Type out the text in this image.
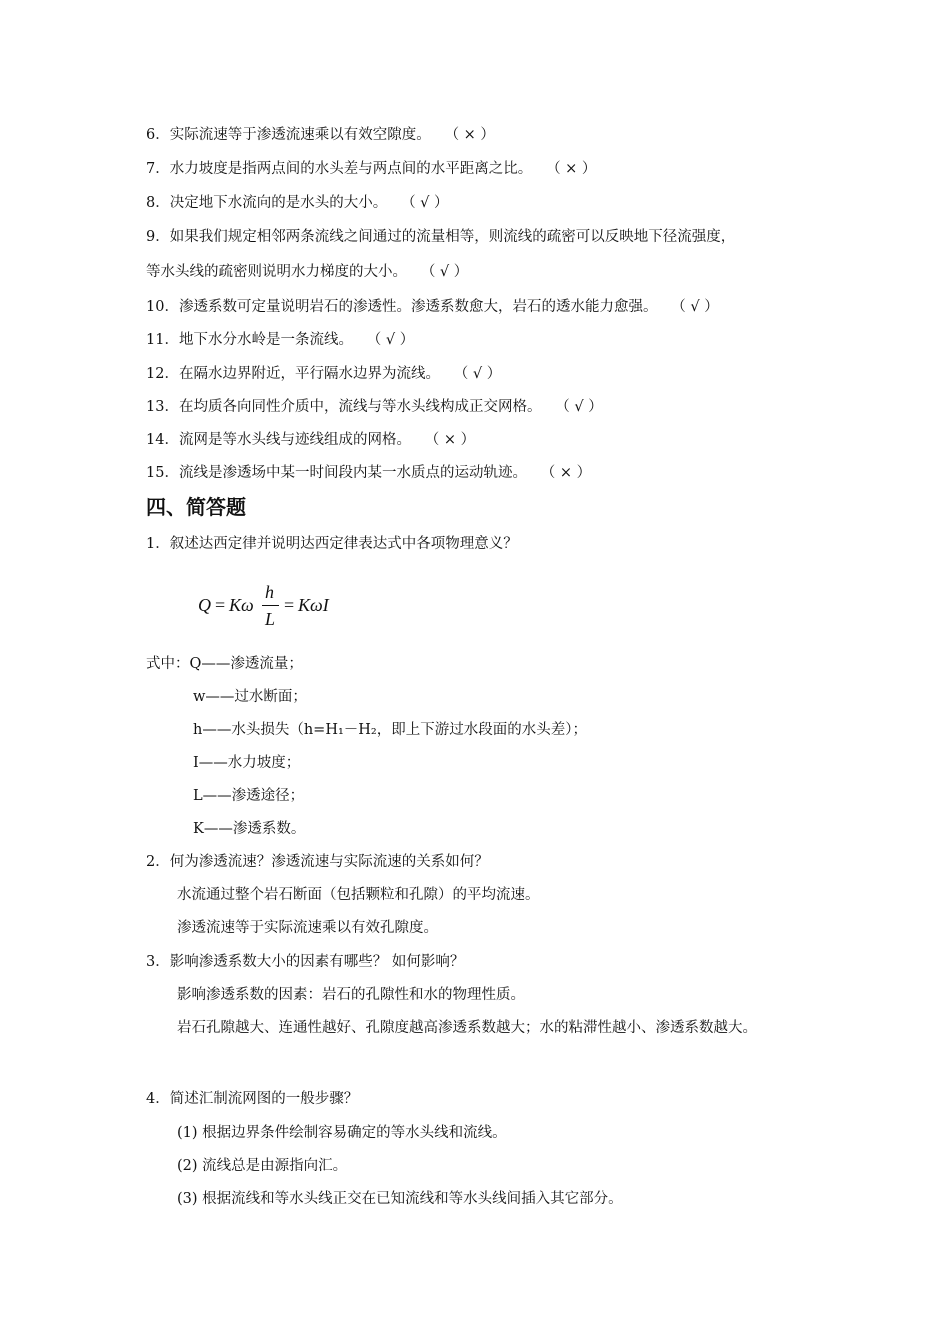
6．实际流速等于渗透流速乘以有效空隙度。 （ × ）
7．水力坡度是指两点间的水头差与两点间的水平距离之比。 （ × ）
8．决定地下水流向的是水头的大小。 （ √ ）
9．如果我们规定相邻两条流线之间通过的流量相等，则流线的疏密可以反映地下径流强度，
等水头线的疏密则说明水力梯度的大小。 （ √ ）
10．渗透系数可定量说明岩石的渗透性。渗透系数愈大，岩石的透水能力愈强。 （ √ ）
11．地下水分水岭是一条流线。 （ √ ）
12．在隔水边界附近，平行隔水边界为流线。 （ √ ）
13．在均质各向同性介质中，流线与等水头线构成正交网格。 （ √ ）
14．流网是等水头线与迹线组成的网格。 （ × ）
15．流线是渗透场中某一时间段内某一水质点的运动轨迹。 （ × ）
四、简答题
1．叙述达西定律并说明达西定律表达式中各项物理意义？
Q = Kω
h
L
= KωI
式中：Q——渗透流量；
w——过水断面；
h——水头损失（h=H₁－H₂，即上下游过水段面的水头差）；
I——水力坡度；
L——渗透途径；
K——渗透系数。
2．何为渗透流速？渗透流速与实际流速的关系如何？
水流通过整个岩石断面（包括颗粒和孔隙）的平均流速。
渗透流速等于实际流速乘以有效孔隙度。
3．影响渗透系数大小的因素有哪些？ 如何影响？
影响渗透系数的因素：岩石的孔隙性和水的物理性质。
岩石孔隙越大、连通性越好、孔隙度越高渗透系数越大；水的粘滞性越小、渗透系数越大。
4．简述汇制流网图的一般步骤？
(1) 根据边界条件绘制容易确定的等水头线和流线。
(2) 流线总是由源指向汇。
(3) 根据流线和等水头线正交在已知流线和等水头线间插入其它部分。
